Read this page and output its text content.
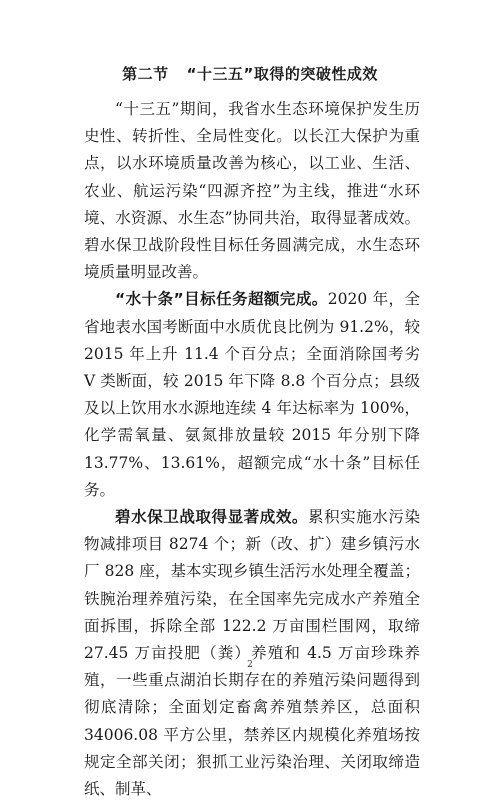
第二节 “十三五”取得的突破性成效

“十三五”期间，我省水生态环境保护发生历史性、转折性、全局性变化。以长江大保护为重点，以水环境质量改善为核心，以工业、生活、农业、航运污染“四源齐控”为主线，推进“水环境、水资源、水生态”协同共治，取得显著成效。碧水保卫战阶段性目标任务圆满完成，水生态环境质量明显改善。

“水十条”目标任务超额完成。2020 年，全省地表水国考断面中水质优良比例为 91.2%，较 2015 年上升 11.4 个百分点；全面消除国考劣 V 类断面，较 2015 年下降 8.8 个百分点；县级及以上饮用水水源地连续 4 年达标率为 100%，化学需氧量、氨氮排放量较 2015 年分别下降 13.77%、13.61%，超额完成“水十条”目标任务。

碧水保卫战取得显著成效。累积实施水污染物减排项目 8274 个；新（改、扩）建乡镇污水厂 828 座，基本实现乡镇生活污水处理全覆盖；铁腕治理养殖污染，在全国率先完成水产养殖全面拆围，拆除全部 122.2 万亩围栏围网，取缔 27.45 万亩投肥（粪）养殖和 4.5 万亩珍珠养殖，一些重点湖泊长期存在的养殖污染问题得到彻底清除；全面划定畜禽养殖禁养区，总面积 34006.08 平方公里，禁养区内规模化养殖场按规定全部关闭；狠抓工业污染治理、关闭取缔造纸、制革、

2
